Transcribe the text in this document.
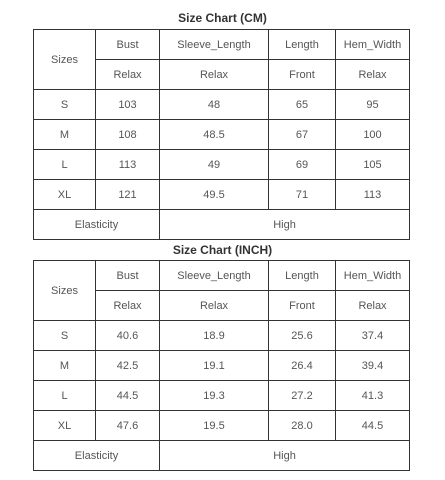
Size Chart (CM)
Sizes	Bust	Sleeve_Length	Length	Hem_Width
	Relax	Relax	Front	Relax
S	103	48	65	95
M	108	48.5	67	100
L	113	49	69	105
XL	121	49.5	71	113
Elasticity		High		
Size Chart (INCH)
Sizes	Bust	Sleeve_Length	Length	Hem_Width
	Relax	Relax	Front	Relax
S	40.6	18.9	25.6	37.4
M	42.5	19.1	26.4	39.4
L	44.5	19.3	27.2	41.3
XL	47.6	19.5	28.0	44.5
Elasticity		High		
